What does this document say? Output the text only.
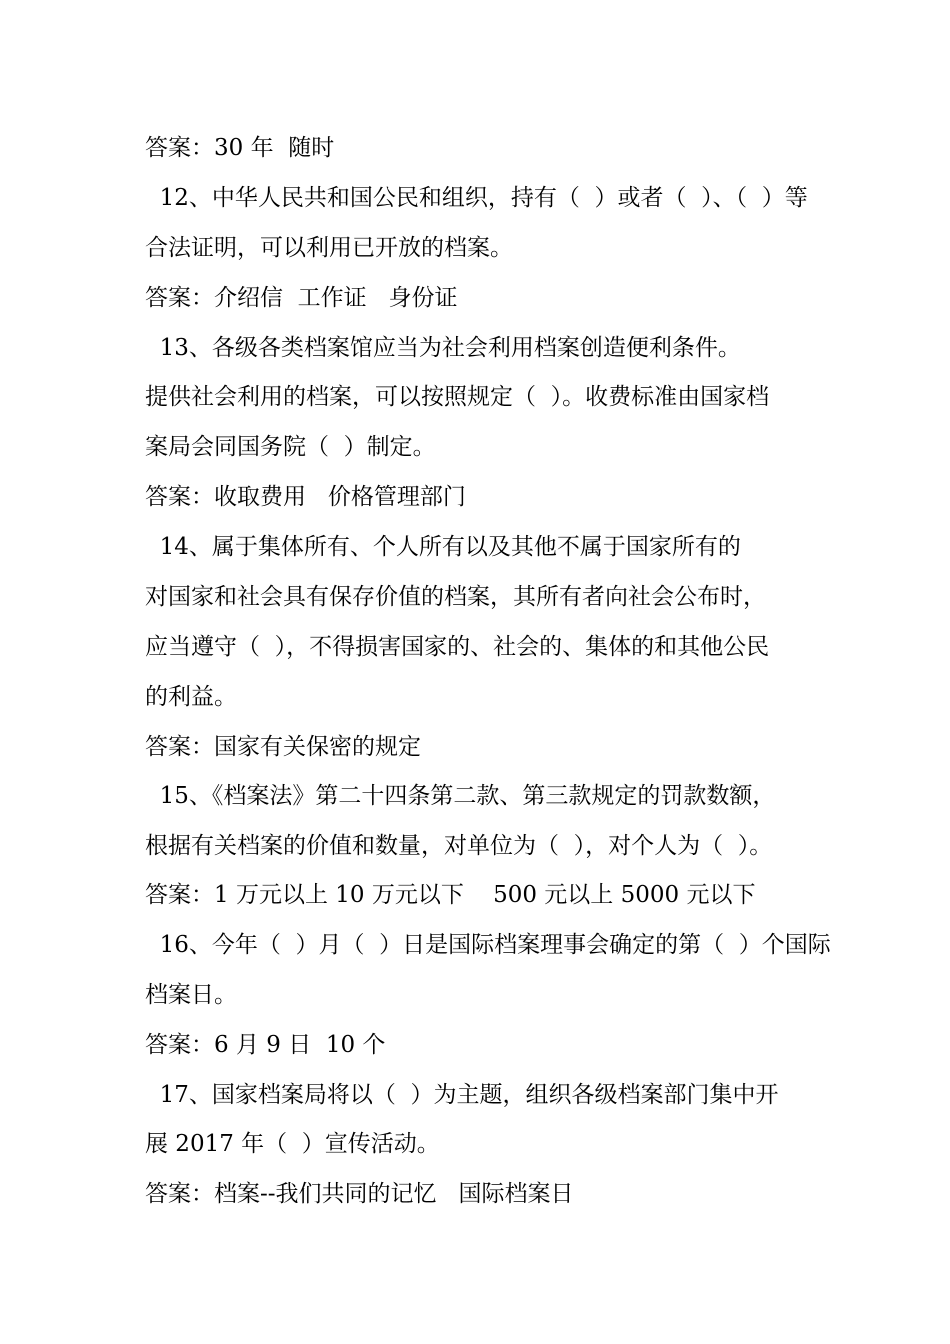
答案：30 年  随时
12、中华人民共和国公民和组织，持有（  ）或者（  ）、（  ）等
合法证明，可以利用已开放的档案。
答案：介绍信  工作证   身份证
13、各级各类档案馆应当为社会利用档案创造便利条件。
提供社会利用的档案，可以按照规定（  ）。收费标准由国家档
案局会同国务院（  ）制定。
答案：收取费用   价格管理部门
14、属于集体所有、个人所有以及其他不属于国家所有的
对国家和社会具有保存价值的档案，其所有者向社会公布时，
应当遵守（  ），不得损害国家的、社会的、集体的和其他公民
的利益。
答案：国家有关保密的规定
15、《档案法》第二十四条第二款、第三款规定的罚款数额，
根据有关档案的价值和数量，对单位为（  ），对个人为（  ）。
答案：1 万元以上 10 万元以下    500 元以上 5000 元以下
16、今年（  ）月（  ）日是国际档案理事会确定的第（  ）个国际
档案日。
答案：6 月 9 日  10 个
17、国家档案局将以（  ）为主题，组织各级档案部门集中开
展 2017 年（  ）宣传活动。
答案：档案--我们共同的记忆   国际档案日
